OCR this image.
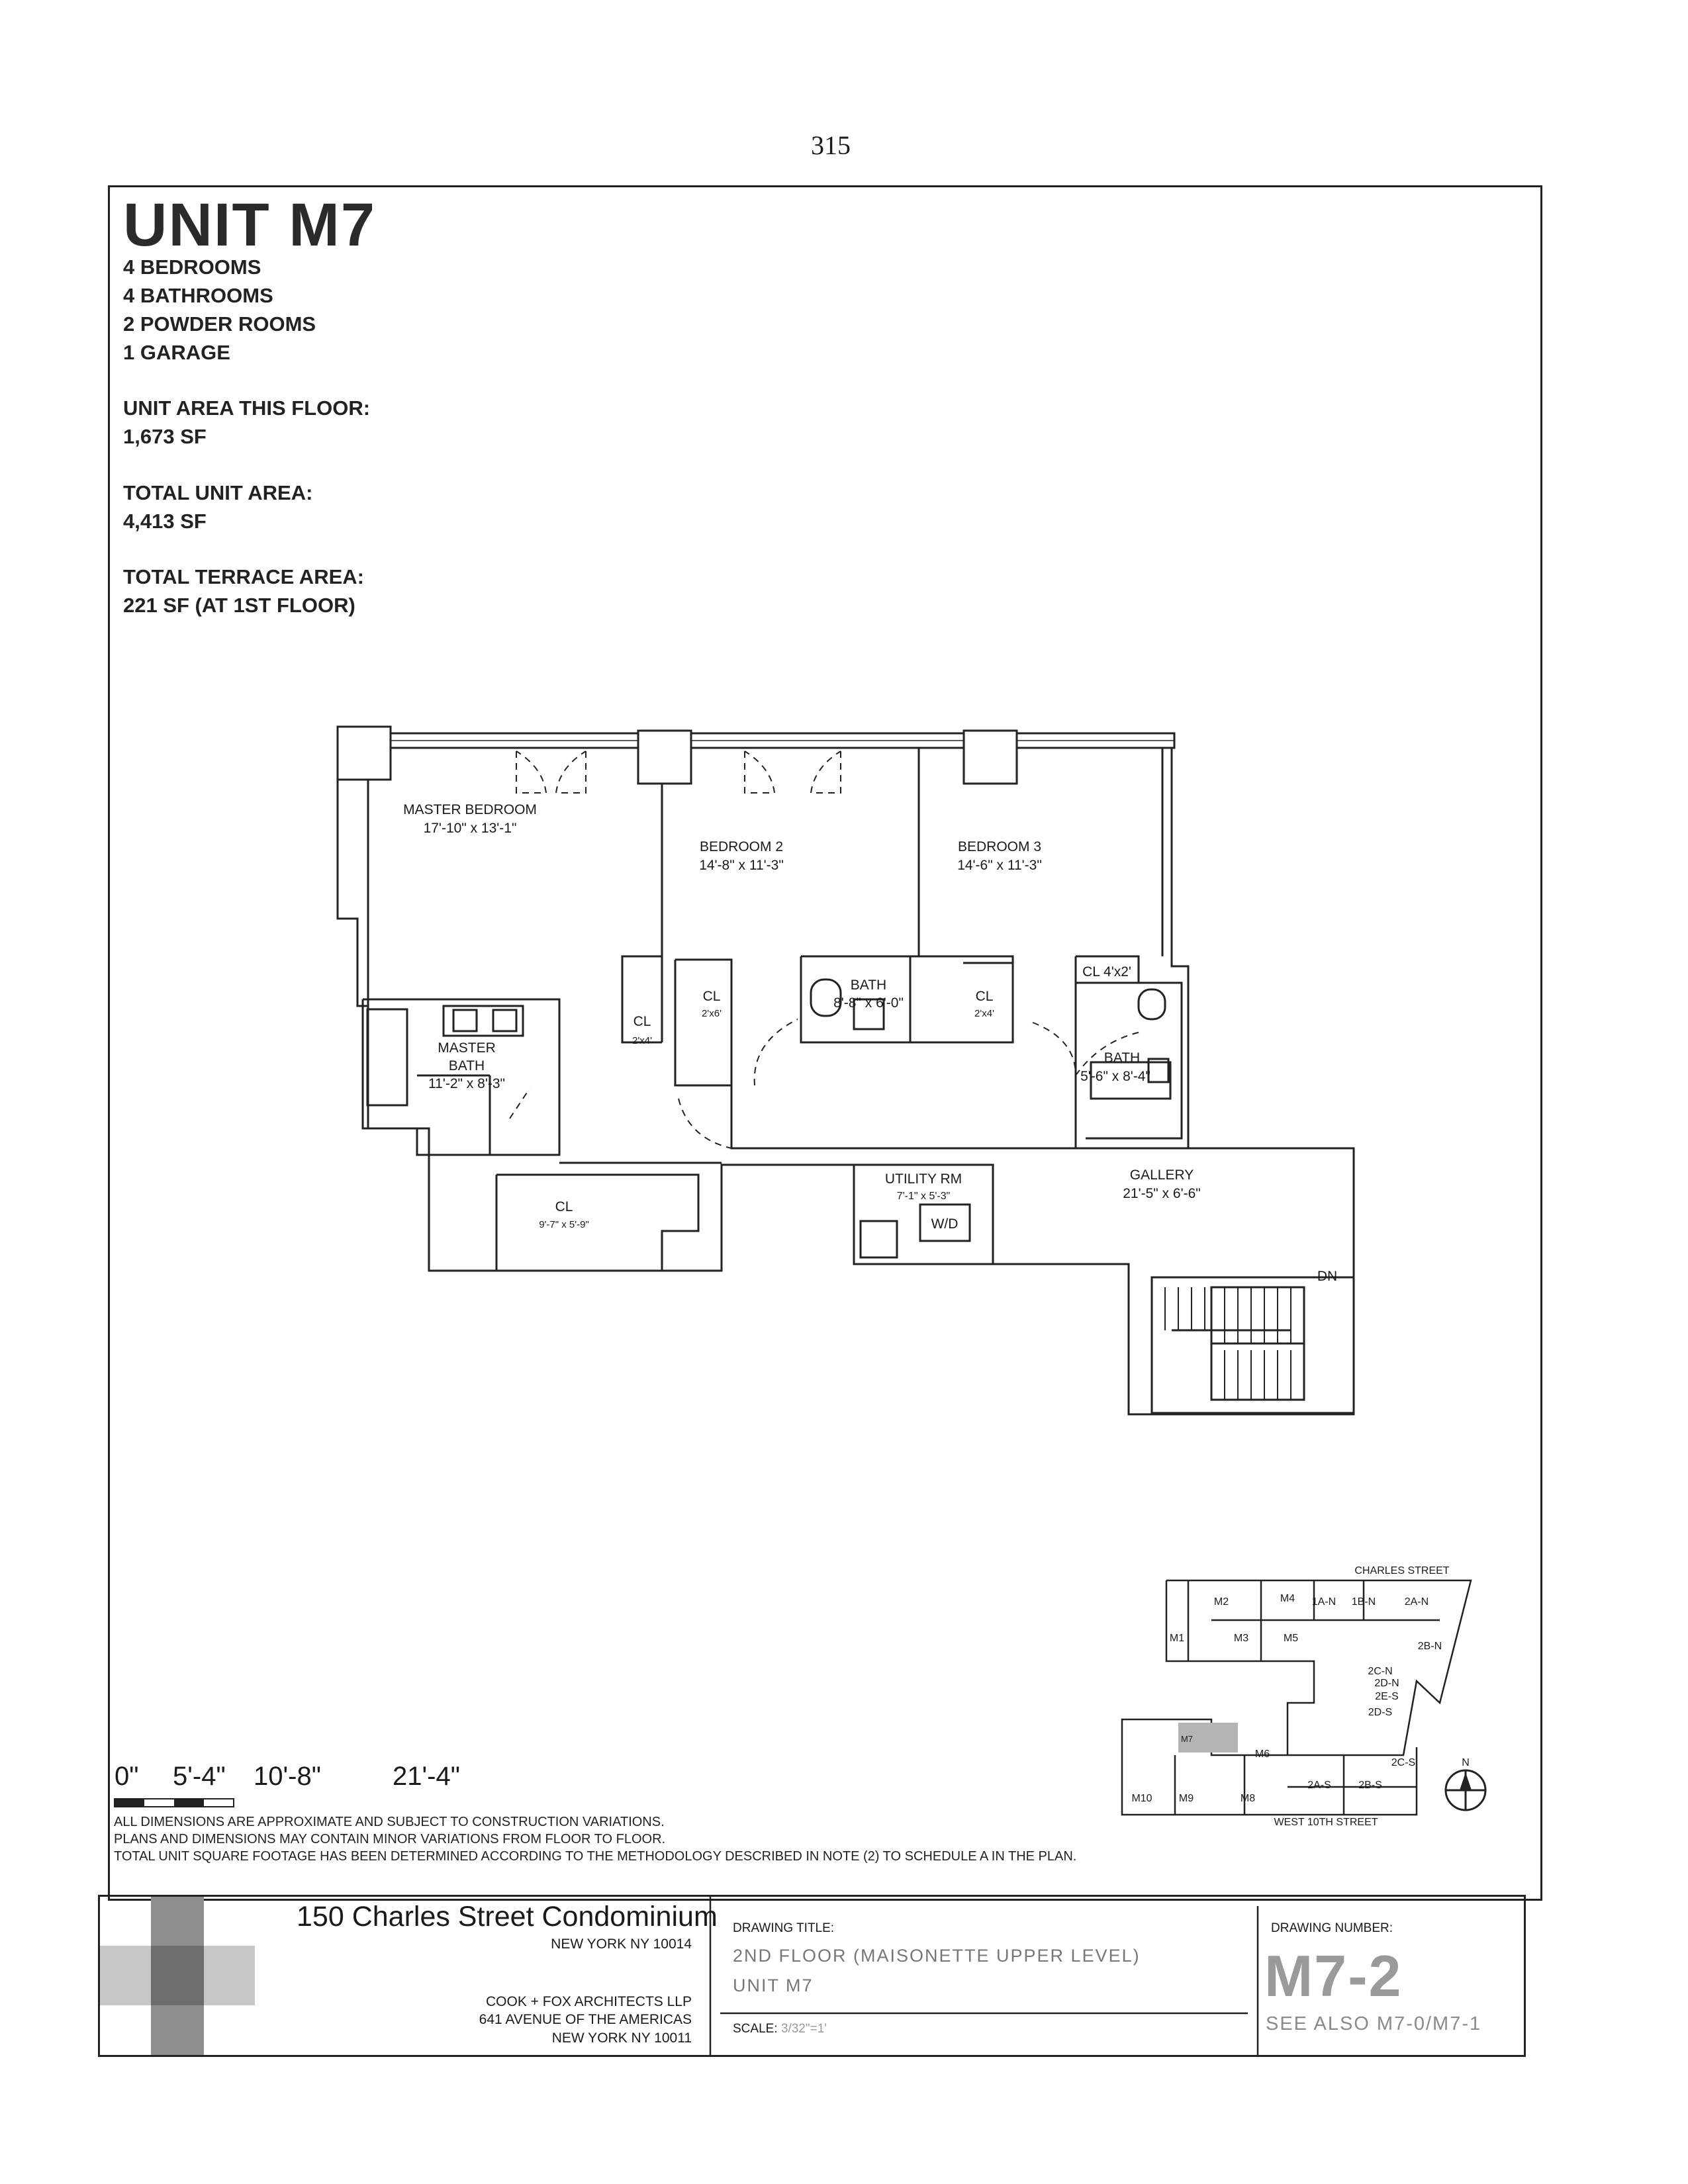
315
UNIT M7
4 BEDROOMS
4 BATHROOMS
2 POWDER ROOMS
1 GARAGE
UNIT AREA THIS FLOOR:
1,673 SF
TOTAL UNIT AREA:
4,413 SF
TOTAL TERRACE AREA:
221 SF (AT 1ST FLOOR)
MASTER BEDROOM
17'-10" x 13'-1"
BEDROOM 2
14'-8" x 11'-3"
BEDROOM 3
14'-6" x 11'-3"
CL 4'x2'
MASTER
BATH
11'-2" x 8'-3"
CL
2'x4'
CL
2'x6'
BATH
8'-8" x 6'-0"	CL
2'x4'
BATH
5'-6" x 8'-4"
CL
9'-7" x 5'-9"
UTILITY RM
7'-1" x 5'-3"
W/D
GALLERY
21'-5" x 6'-6"
DN
CHARLES STREET
M1
M2
M3
M4 1A-N 1B-N	2A-N
M5
2B-N
2C-N
2D-N
2E-S
2D-S
M7
M6
2C-S
M10	M9	M8
2A-S	2B-S
WEST 10TH STREET
N
0" 5'-4" 10'-8"	21'-4"
ALL DIMENSIONS ARE APPROXIMATE AND SUBJECT TO CONSTRUCTION VARIATIONS.
PLANS AND DIMENSIONS MAY CONTAIN MINOR VARIATIONS FROM FLOOR TO FLOOR.
TOTAL UNIT SQUARE FOOTAGE HAS BEEN DETERMINED ACCORDING TO THE METHODOLOGY DESCRIBED IN NOTE (2) TO SCHEDULE A IN THE PLAN.
150 Charles Street Condominium
NEW YORK NY 10014
COOK + FOX ARCHITECTS LLP
641 AVENUE OF THE AMERICAS
NEW YORK NY 10011
DRAWING TITLE:
2ND FLOOR (MAISONETTE UPPER LEVEL)
UNIT M7
SCALE: 3/32"=1'
DRAWING NUMBER:
M7-2
SEE ALSO M7-0/M7-1
